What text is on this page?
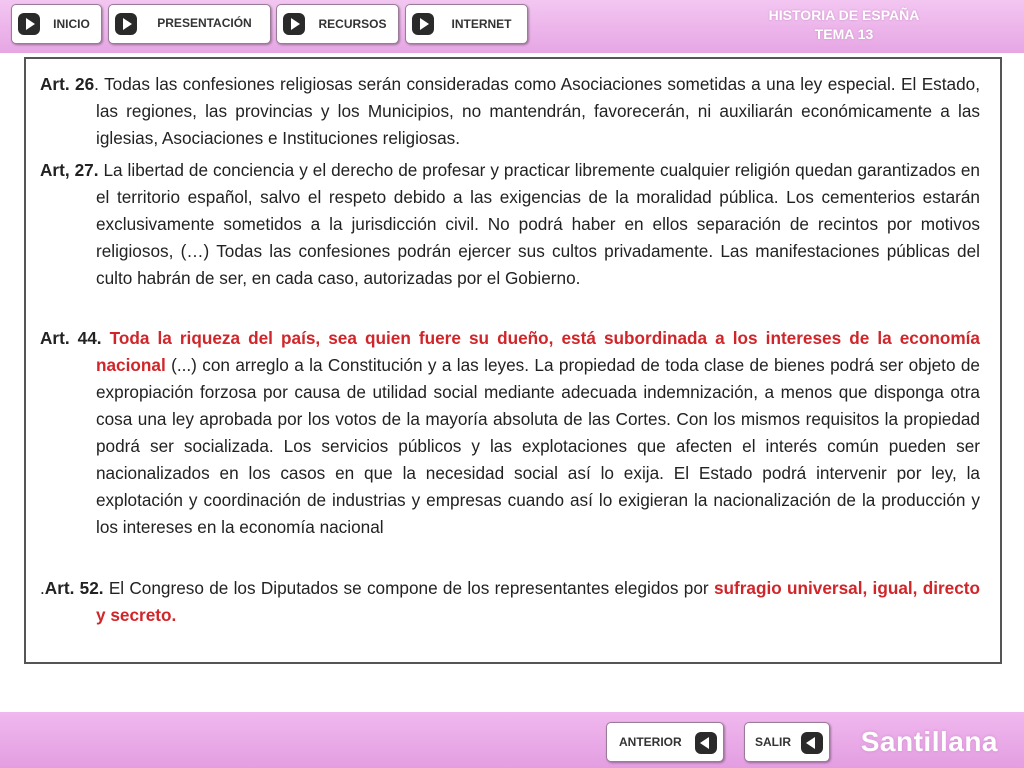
INICIO	PRESENTACIÓN	RECURSOS	INTERNET
HISTORIA DE ESPAÑA
TEMA 13

Art. 26. Todas las confesiones religiosas serán consideradas como Asociaciones sometidas a una ley especial. El Estado, las regiones, las provincias y los Municipios, no mantendrán, favorecerán, ni auxiliarán económicamente a las iglesias, Asociaciones e Instituciones religiosas.

Art, 27. La libertad de conciencia y el derecho de profesar y practicar libremente cualquier religión quedan garantizados en el territorio español, salvo el respeto debido a las exigencias de la moralidad pública. Los cementerios estarán exclusivamente sometidos a la jurisdicción civil. No podrá haber en ellos separación de recintos por motivos religiosos, (…) Todas las confesiones podrán ejercer sus cultos privadamente. Las manifestaciones públicas del culto habrán de ser, en cada caso, autorizadas por el Gobierno.

Art. 44. Toda la riqueza del país, sea quien fuere su dueño, está subordinada a los intereses de la economía nacional (...) con arreglo a la Constitución y a las leyes. La propiedad de toda clase de bienes podrá ser objeto de expropiación forzosa por causa de utilidad social mediante adecuada indemnización, a menos que disponga otra cosa una ley aprobada por los votos de la mayoría absoluta de las Cortes. Con los mismos requisitos la propiedad podrá ser socializada. Los servicios públicos y las explotaciones que afecten el interés común pueden ser nacionalizados en los casos en que la necesidad social así lo exija. El Estado podrá intervenir por ley, la explotación y coordinación de industrias y empresas cuando así lo exigieran la nacionalización de la producción y los intereses en la economía nacional

.Art. 52. El Congreso de los Diputados se compone de los representantes elegidos por sufragio universal, igual, directo y secreto.

ANTERIOR	SALIR Santillana
